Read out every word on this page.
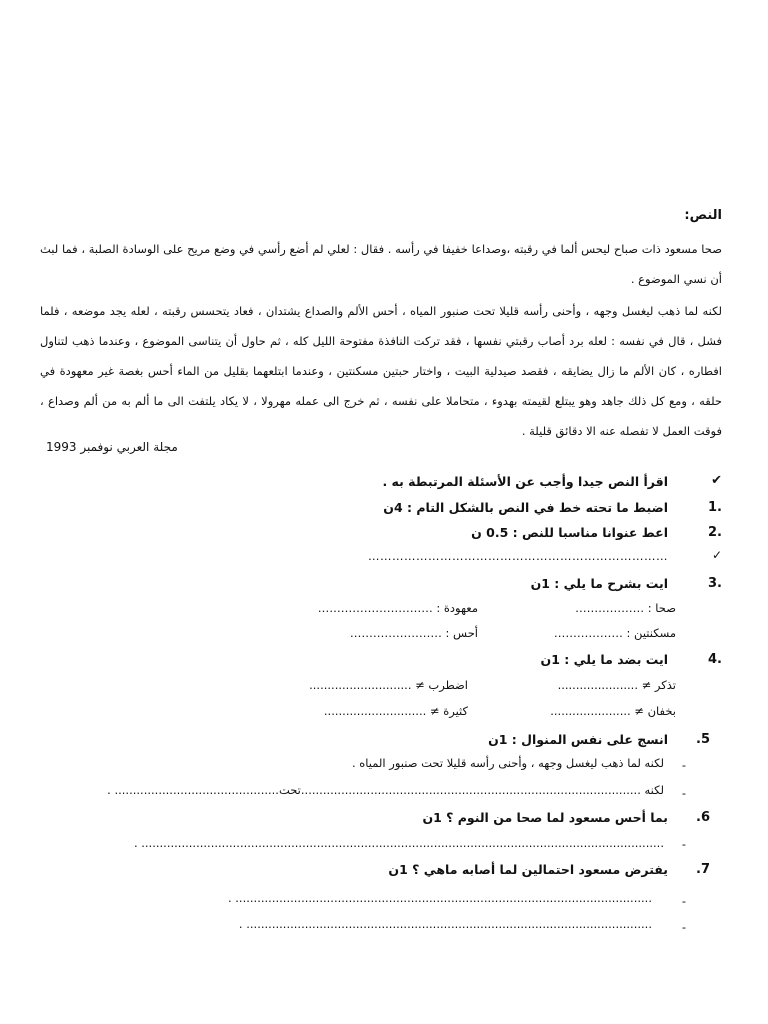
النص:
صحا مسعود ذات صباح ليحس ألما في رقبته ،وصداعا خفيفا في رأسه . فقال : لعلي لم أضع رأسي في وضع مريح على الوسادة الصلبة ، فما لبث أن نسي الموضوع .
لكنه لما ذهب ليغسل وجهه ، وأحنى رأسه قليلا تحت صنبور المياه ، أحس الألم والصداع يشتدان ، فعاد يتحسس رقبته ، لعله يجد موضعه ، فلما فشل ، قال في نفسه : لعله برد أصاب رقبتي نفسها ، فقد تركت النافذة مفتوحة الليل كله ، ثم حاول أن يتناسى الموضوع ، وعندما ذهب لتناول افطاره ، كان الألم ما زال يضايقه ، فقصد صيدلية البيت ، واختار حبتين مسكنتين ، وعندما ابتلعهما بقليل من الماء أحس بغصة غير معهودة في حلقه ، ومع كل ذلك جاهد وهو يبتلع لقيمته بهدوء ، متحاملا على نفسه ، ثم خرج الى عمله مهرولا ، لا يكاد يلتفت الى ما ألم به من ألم وصداع ، فوقت العمل لا تفصله عنه الا دقائق قليلة .
مجلة العربي نوفمبر 1993
✔
اقرأ النص جيدا وأجب عن الأسئلة المرتبطة به .
1.
اضبط ما تحته خط في النص بالشكل التام : 4ن
2.
اعط عنوانا مناسبا للنص : 0.5 ن
✓
…………………………………………………………………
3.
ايت بشرح ما يلي : 1ن
صحا : ………………
معهودة : …………………………
مسكنتين : ………………
أحس : ……………………
4.
ايت بضد ما يلي : 1ن
تذكر ≠ ......................
اضطرب ≠ ............................
بخفان ≠ ......................
كثيرة ≠ ............................
.5
انسج على نفس المنوال : 1ن
-
لكنه لما ذهب ليغسل وجهه ، وأحنى رأسه قليلا تحت صنبور المياه .
-
لكنه .............................................................................................تحت............................................. .
.6
بما أحس مسعود لما صحا من النوم ؟ 1ن
-
. ...............................................................................................................................................
.7
يفترض مسعود احتمالين لما أصابه ماهي ؟ 1ن
-
. ..................................................................................................................
-
. ...............................................................................................................
